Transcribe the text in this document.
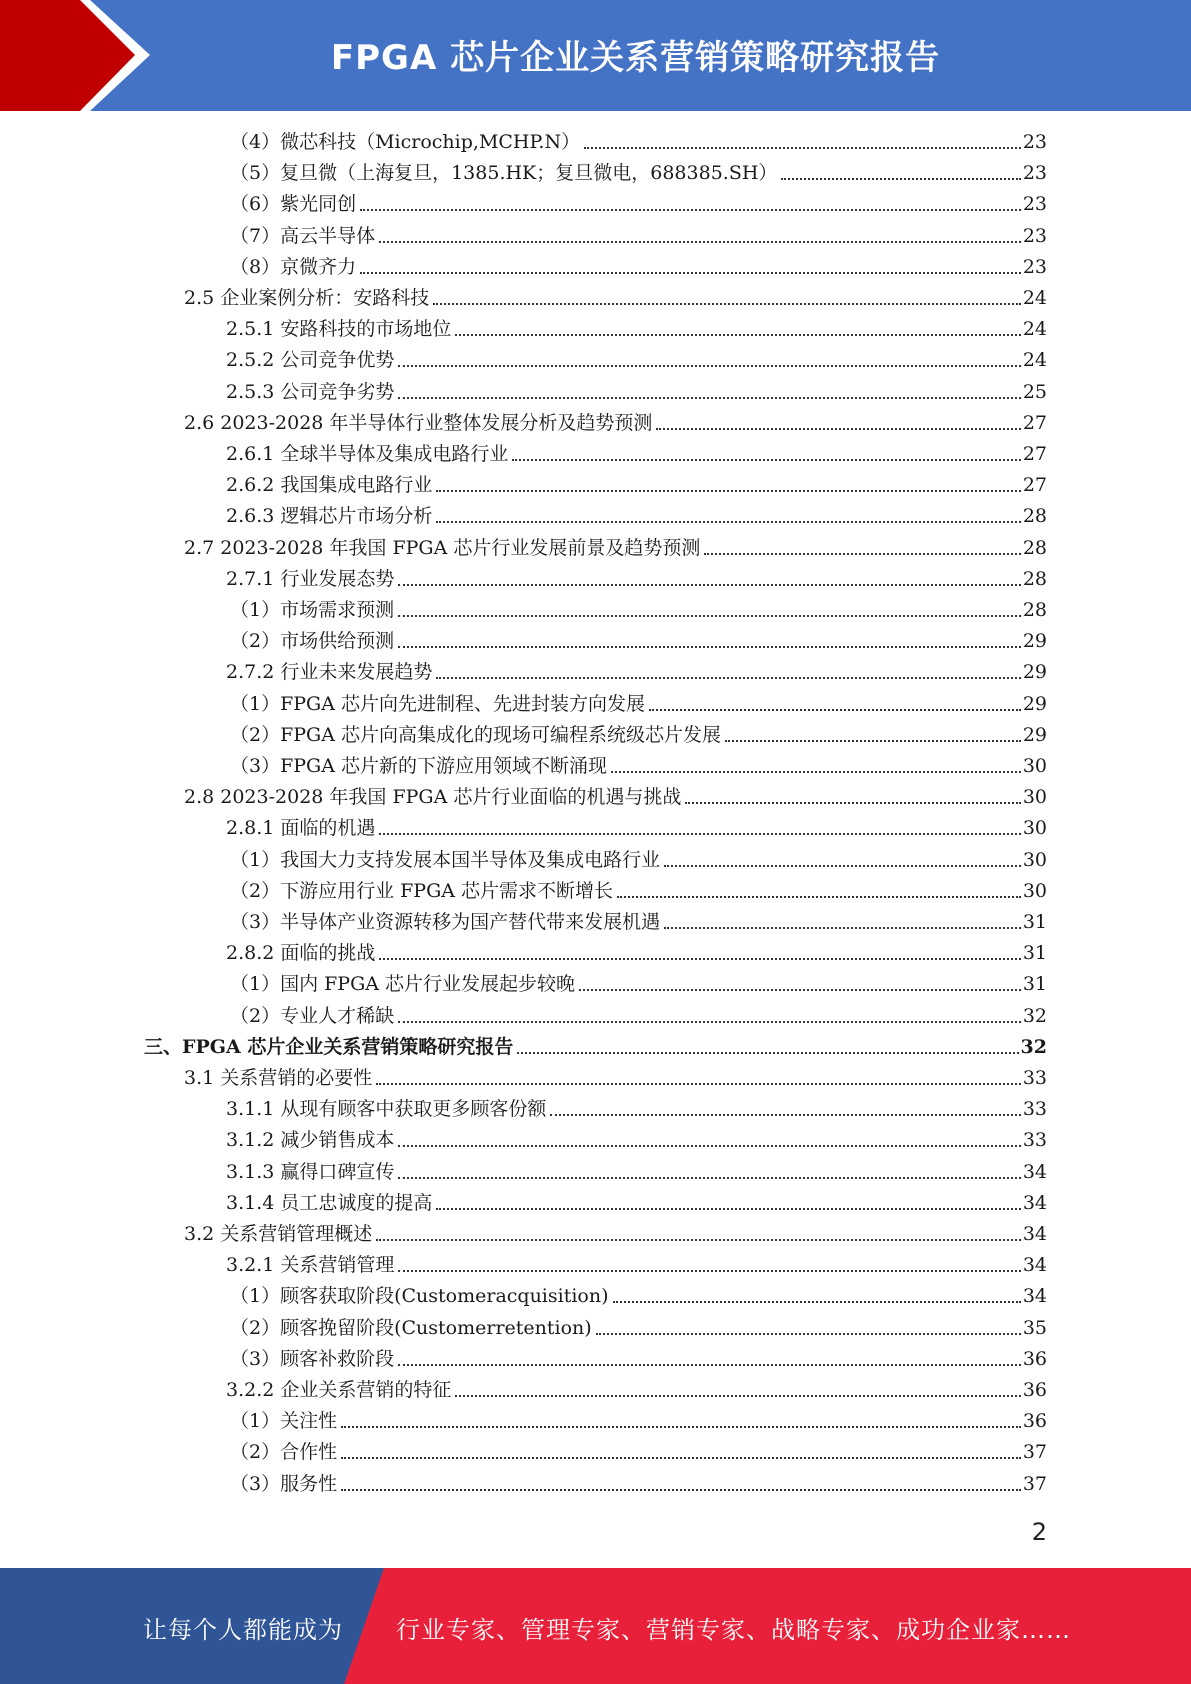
FPGA 芯片企业关系营销策略研究报告
（4）微芯科技（Microchip,MCHP.N）	23
（5）复旦微（上海复旦，1385.HK；复旦微电，688385.SH）	23
（6）紫光同创	23
（7）高云半导体	23
（8）京微齐力	23
2.5 企业案例分析：安路科技	24
2.5.1 安路科技的市场地位	24
2.5.2 公司竞争优势	24
2.5.3 公司竞争劣势	25
2.6 2023-2028 年半导体行业整体发展分析及趋势预测	27
2.6.1 全球半导体及集成电路行业	27
2.6.2 我国集成电路行业	27
2.6.3 逻辑芯片市场分析	28
2.7 2023-2028 年我国 FPGA 芯片行业发展前景及趋势预测	28
2.7.1 行业发展态势	28
（1）市场需求预测	28
（2）市场供给预测	29
2.7.2 行业未来发展趋势	29
（1）FPGA 芯片向先进制程、先进封装方向发展	29
（2）FPGA 芯片向高集成化的现场可编程系统级芯片发展	29
（3）FPGA 芯片新的下游应用领域不断涌现	30
2.8 2023-2028 年我国 FPGA 芯片行业面临的机遇与挑战	30
2.8.1 面临的机遇	30
（1）我国大力支持发展本国半导体及集成电路行业	30
（2）下游应用行业 FPGA 芯片需求不断增长	30
（3）半导体产业资源转移为国产替代带来发展机遇	31
2.8.2 面临的挑战	31
（1）国内 FPGA 芯片行业发展起步较晚	31
（2）专业人才稀缺	32
三、FPGA 芯片企业关系营销策略研究报告	32
3.1 关系营销的必要性	33
3.1.1 从现有顾客中获取更多顾客份额	33
3.1.2 减少销售成本	33
3.1.3 赢得口碑宣传	34
3.1.4 员工忠诚度的提高	34
3.2 关系营销管理概述	34
3.2.1 关系营销管理	34
（1）顾客获取阶段(Customeracquisition)	34
（2）顾客挽留阶段(Customerretention)	35
（3）顾客补救阶段	36
3.2.2 企业关系营销的特征	36
（1）关注性	36
（2）合作性	37
（3）服务性	37
2
让每个人都能成为 行业专家、管理专家、营销专家、战略专家、成功企业家……
